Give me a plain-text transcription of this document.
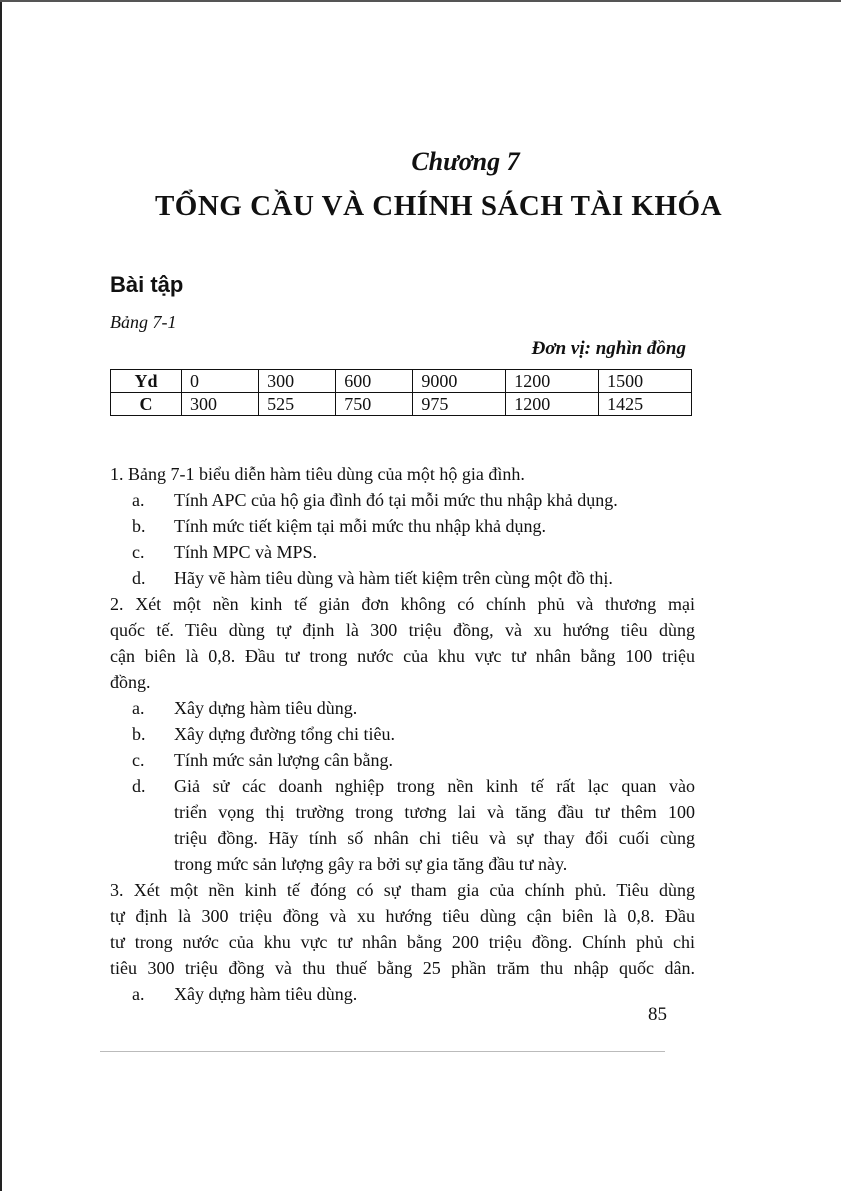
Chương 7
TỔNG CẦU VÀ CHÍNH SÁCH TÀI KHÓA
Bài tập
Bảng 7-1
Đơn vị: nghìn đồng
Yd	0	300	600	9000	1200	1500
C	300	525	750	975	1200	1425
1. Bảng 7-1 biểu diễn hàm tiêu dùng của một hộ gia đình.
a.	Tính APC của hộ gia đình đó tại mỗi mức thu nhập khả dụng.
b.	Tính mức tiết kiệm tại mỗi mức thu nhập khả dụng.
c.	Tính MPC và MPS.
d.	Hãy vẽ hàm tiêu dùng và hàm tiết kiệm trên cùng một đồ thị.
2. Xét một nền kinh tế giản đơn không có chính phủ và thương mại
quốc tế. Tiêu dùng tự định là 300 triệu đồng, và xu hướng tiêu dùng
cận biên là 0,8. Đầu tư trong nước của khu vực tư nhân bằng 100 triệu
đồng.
a.	Xây dựng hàm tiêu dùng.
b.	Xây dựng đường tổng chi tiêu.
c.	Tính mức sản lượng cân bằng.
d.	Giả sử các doanh nghiệp trong nền kinh tế rất lạc quan vào
triển vọng thị trường trong tương lai và tăng đầu tư thêm 100
triệu đồng. Hãy tính số nhân chi tiêu và sự thay đổi cuối cùng
trong mức sản lượng gây ra bởi sự gia tăng đầu tư này.
3. Xét một nền kinh tế đóng có sự tham gia của chính phủ. Tiêu dùng
tự định là 300 triệu đồng và xu hướng tiêu dùng cận biên là 0,8. Đầu
tư trong nước của khu vực tư nhân bằng 200 triệu đồng. Chính phủ chi
tiêu 300 triệu đồng và thu thuế bằng 25 phần trăm thu nhập quốc dân.
a.	Xây dựng hàm tiêu dùng.
85
